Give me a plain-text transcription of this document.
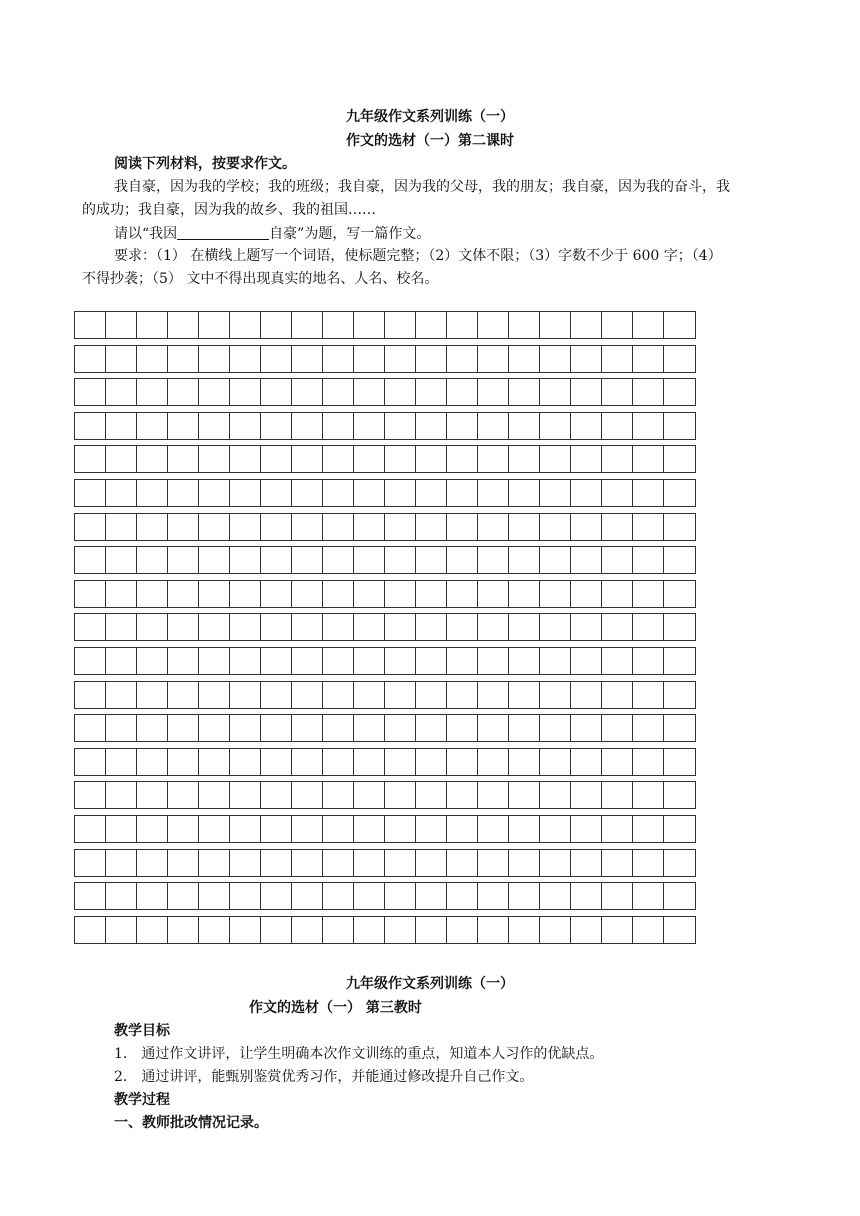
九年级作文系列训练（一）
作文的选材（一）第二课时
阅读下列材料，按要求作文。
我自豪，因为我的学校；我的班级；我自豪，因为我的父母，我的朋友；我自豪，因为我的奋斗，我
的成功；我自豪，因为我的故乡、我的祖国……
请以“我因	自豪”为题，写一篇作文。
要求：（1） 在横线上题写一个词语，使标题完整；（2）文体不限；（3）字数不少于 600 字；（4）
不得抄袭；（5） 文中不得出现真实的地名、人名、校名。
九年级作文系列训练（一）
作文的选材（一） 第三教时
教学目标
1． 通过作文讲评，让学生明确本次作文训练的重点，知道本人习作的优缺点。
2． 通过讲评，能甄别鉴赏优秀习作，并能通过修改提升自己作文。
教学过程
一、教师批改情况记录。
